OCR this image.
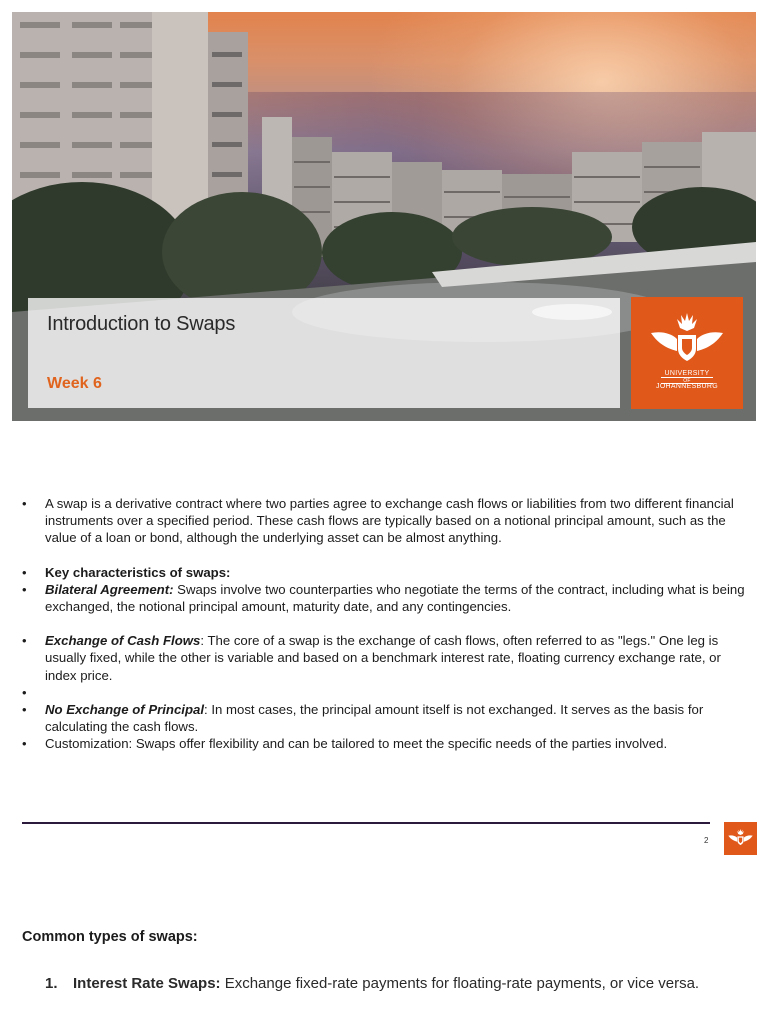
Introduction to Swaps
Week 6
UNIVERSITY
OF
JOHANNESBURG
• A swap is a derivative contract where two parties agree to exchange cash flows or liabilities from two different financial instruments over a specified period. These cash flows are typically based on a notional principal amount, such as the value of a loan or bond, although the underlying asset can be almost anything.
• Key characteristics of swaps:
• Bilateral Agreement: Swaps involve two counterparties who negotiate the terms of the contract, including what is being exchanged, the notional principal amount, maturity date, and any contingencies.
• Exchange of Cash Flows: The core of a swap is the exchange of cash flows, often referred to as "legs." One leg is usually fixed, while the other is variable and based on a benchmark interest rate, floating currency exchange rate, or index price.
•
• No Exchange of Principal: In most cases, the principal amount itself is not exchanged. It serves as the basis for calculating the cash flows.
• Customization: Swaps offer flexibility and can be tailored to meet the specific needs of the parties involved.
2
Common types of swaps:
1. Interest Rate Swaps: Exchange fixed-rate payments for floating-rate payments, or vice versa.
